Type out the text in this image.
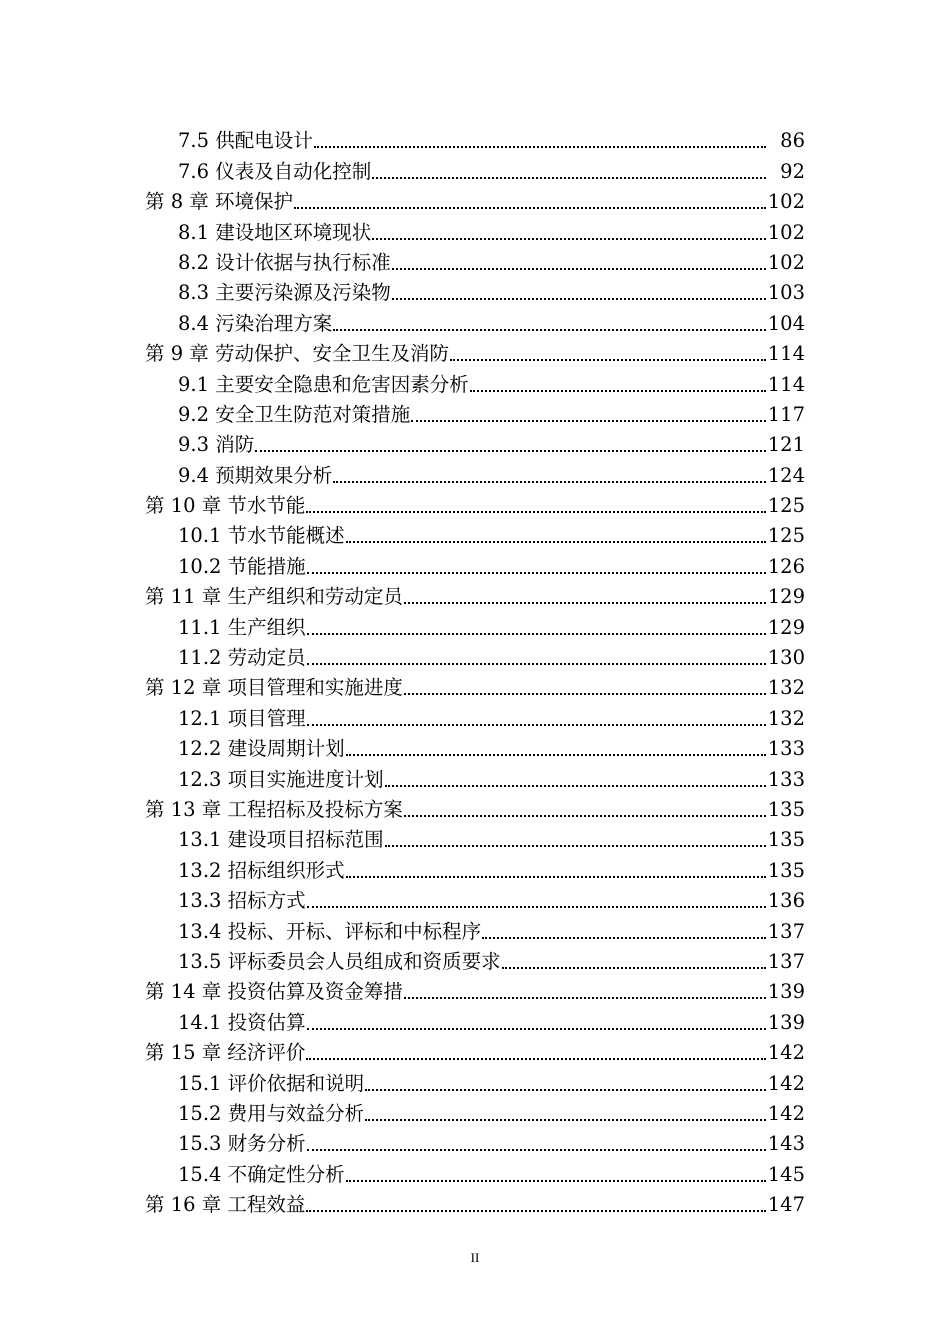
7.5 供配电设计	86
7.6 仪表及自动化控制	92
第 8 章 环境保护	102
8.1 建设地区环境现状	102
8.2 设计依据与执行标准	102
8.3 主要污染源及污染物	103
8.4 污染治理方案	104
第 9 章 劳动保护、安全卫生及消防	114
9.1 主要安全隐患和危害因素分析	114
9.2 安全卫生防范对策措施	117
9.3 消防	121
9.4 预期效果分析	124
第 10 章 节水节能	125
10.1 节水节能概述	125
10.2 节能措施	126
第 11 章 生产组织和劳动定员	129
11.1 生产组织	129
11.2 劳动定员	130
第 12 章 项目管理和实施进度	132
12.1 项目管理	132
12.2 建设周期计划	133
12.3 项目实施进度计划	133
第 13 章 工程招标及投标方案	135
13.1 建设项目招标范围	135
13.2 招标组织形式	135
13.3 招标方式	136
13.4 投标、开标、评标和中标程序	137
13.5 评标委员会人员组成和资质要求	137
第 14 章 投资估算及资金筹措	139
14.1 投资估算	139
第 15 章 经济评价	142
15.1 评价依据和说明	142
15.2 费用与效益分析	142
15.3 财务分析	143
15.4 不确定性分析	145
第 16 章 工程效益	147
II
